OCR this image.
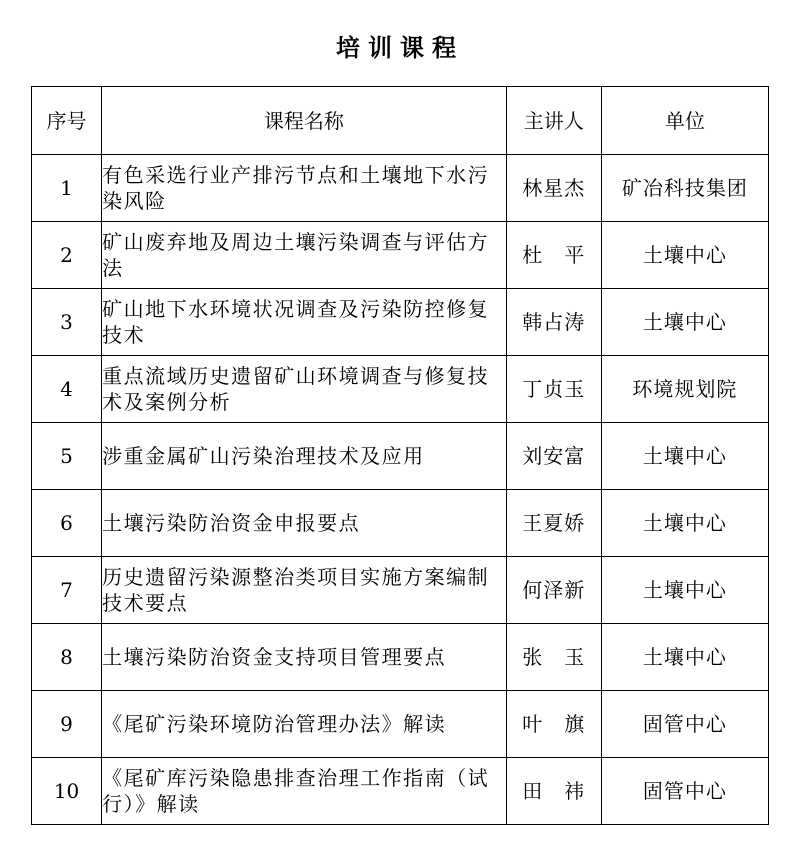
培训课程
序号	课程名称	主讲人	单位
1	有色采选行业产排污节点和土壤地下水污染风险	林星杰	矿冶科技集团
2	矿山废弃地及周边土壤污染调查与评估方法	杜　平	土壤中心
3	矿山地下水环境状况调查及污染防控修复技术	韩占涛	土壤中心
4	重点流域历史遗留矿山环境调查与修复技术及案例分析	丁贞玉	环境规划院
5	涉重金属矿山污染治理技术及应用	刘安富	土壤中心
6	土壤污染防治资金申报要点	王夏娇	土壤中心
7	历史遗留污染源整治类项目实施方案编制技术要点	何泽新	土壤中心
8	土壤污染防治资金支持项目管理要点	张　玉	土壤中心
9	《尾矿污染环境防治管理办法》解读	叶　旗	固管中心
10	《尾矿库污染隐患排查治理工作指南（试行）》解读	田　祎	固管中心
